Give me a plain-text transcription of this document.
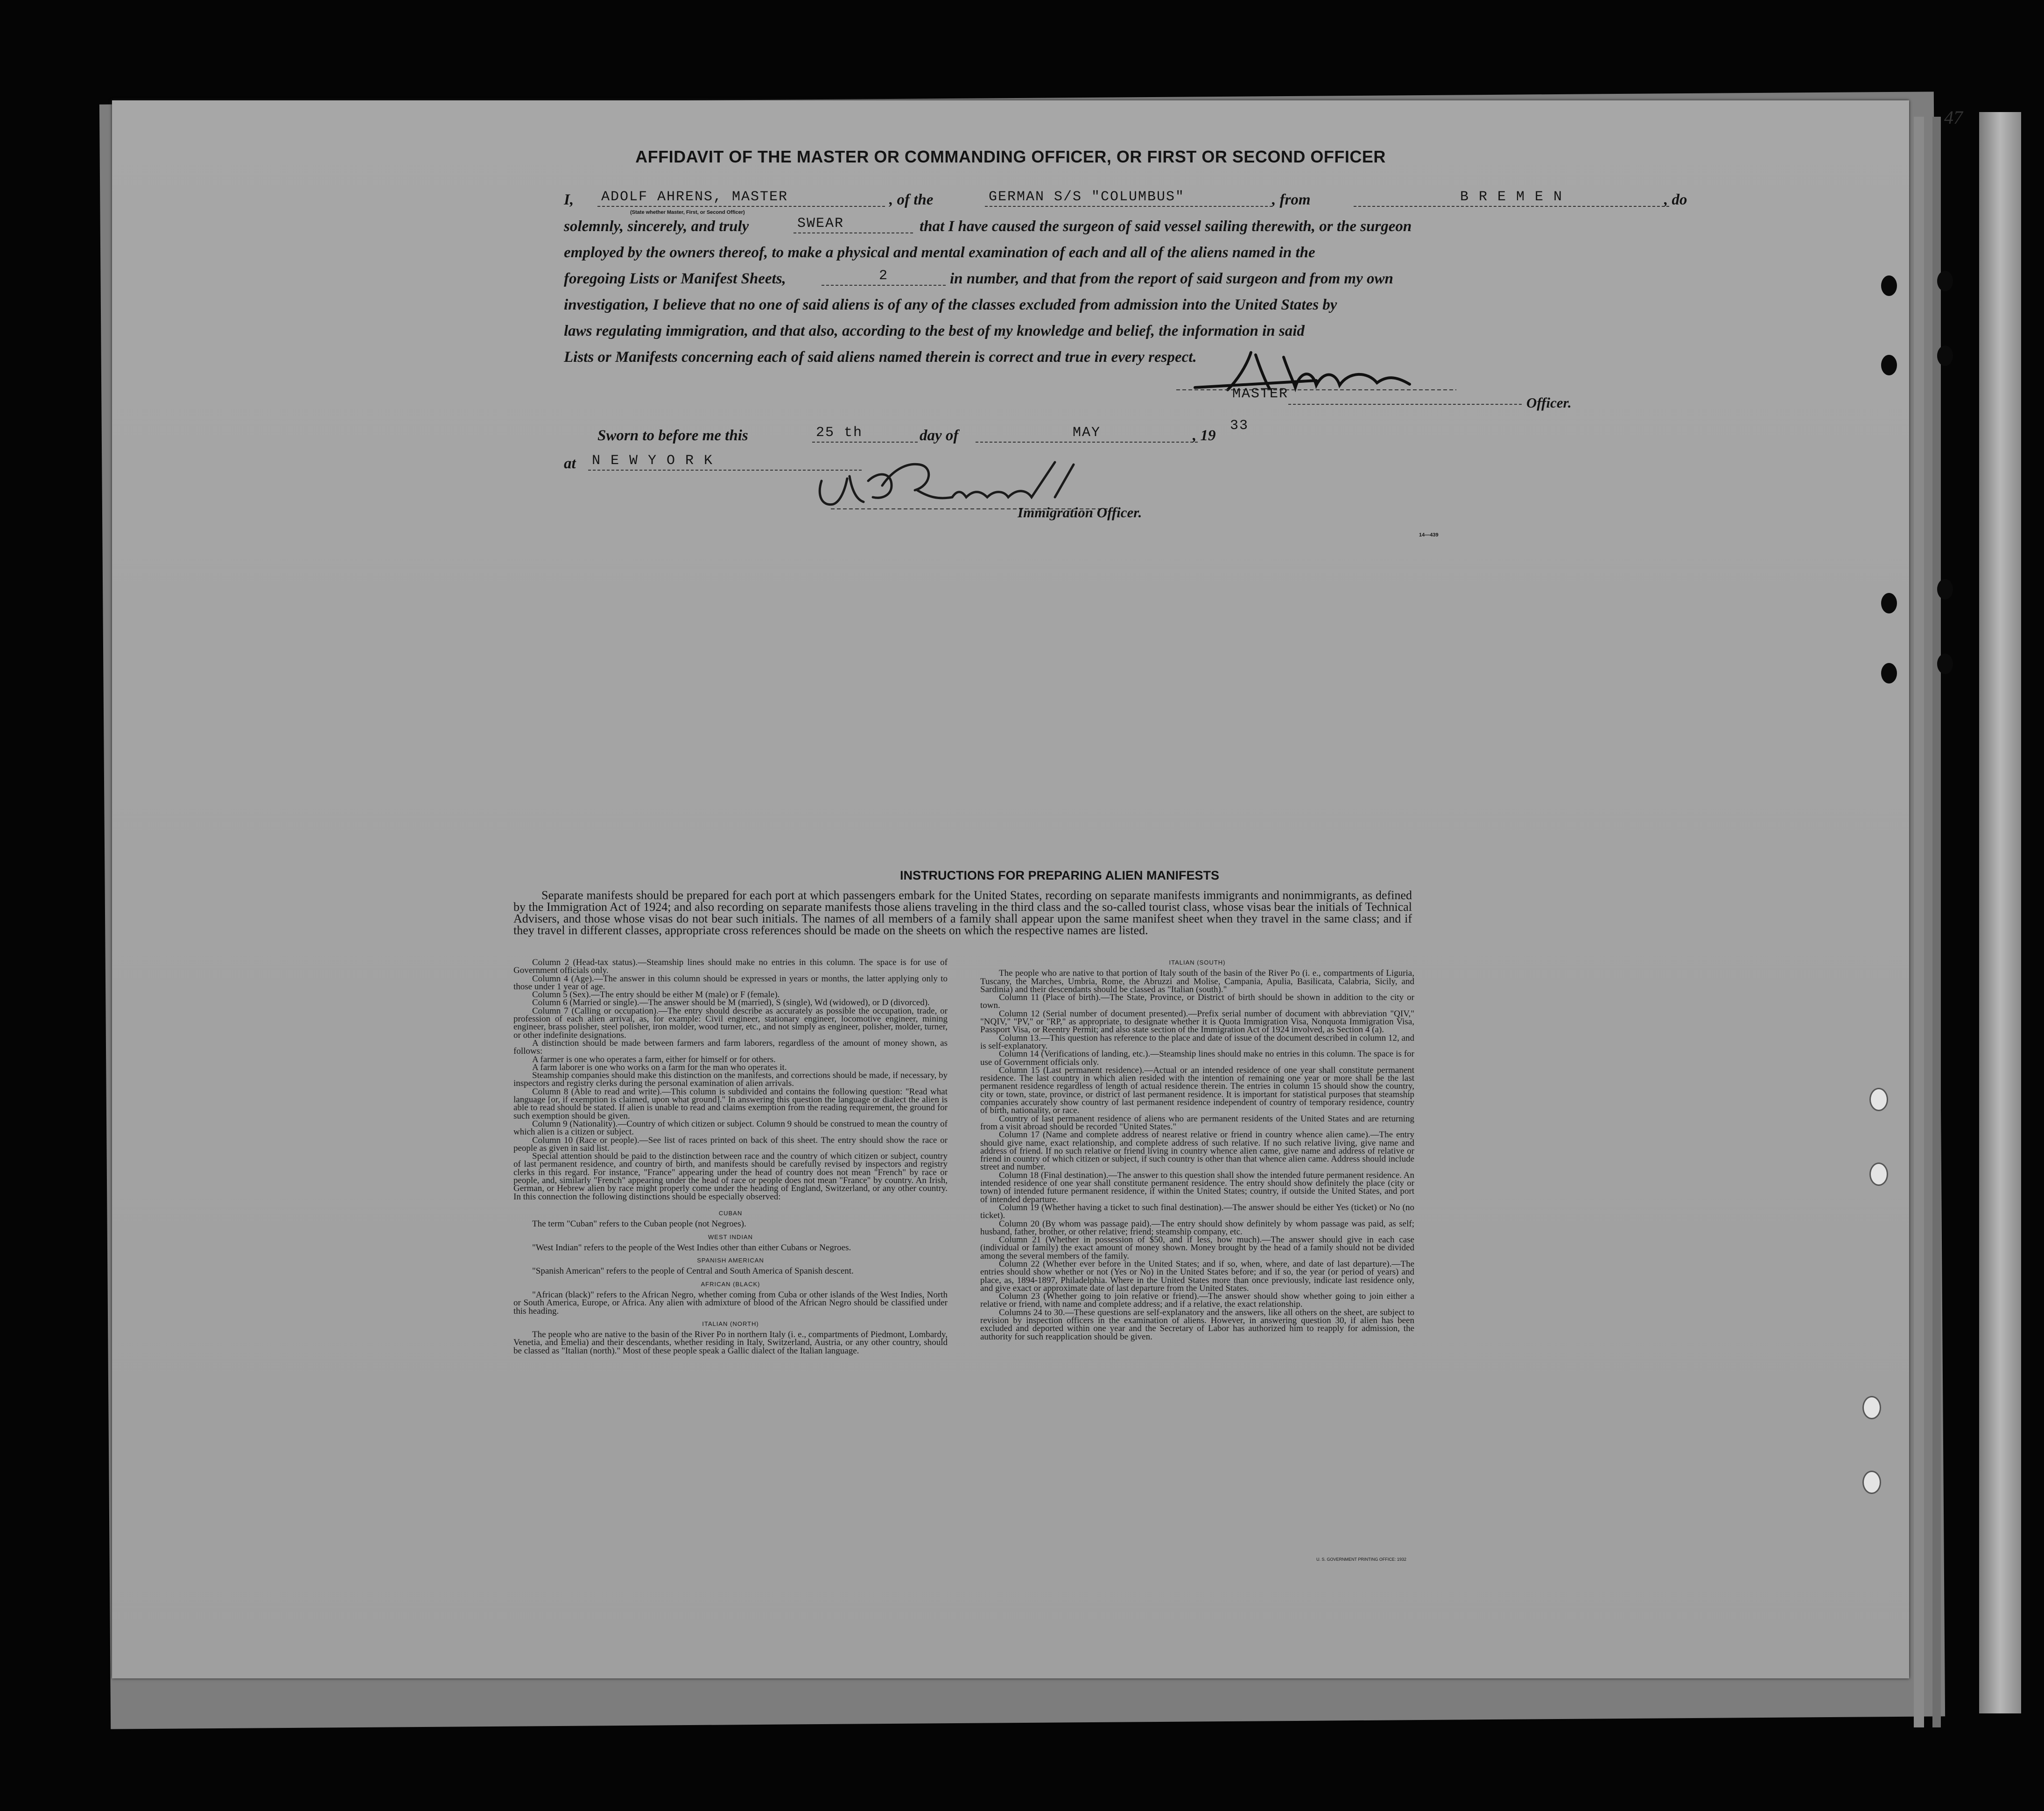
47
AFFIDAVIT OF THE MASTER OR COMMANDING OFFICER, OR FIRST OR SECOND OFFICER
I, ADOLF AHRENS, MASTER
(State whether Master, First, or Second Officer)
, of the	GERMAN S/S "COLUMBUS"	, from	B R E M E N	, do
solemnly, sincerely, and truly	SWEAR	that I have caused the surgeon of said vessel sailing therewith, or the surgeon
employed by the owners thereof, to make a physical and mental examination of each and all of the aliens named in the
foregoing Lists or Manifest Sheets,	2	in number, and that from the report of said surgeon and from my own
investigation, I believe that no one of said aliens is of any of the classes excluded from admission into the United States by
laws regulating immigration, and that also, according to the best of my knowledge and belief, the information in said
Lists or Manifests concerning each of said aliens named therein is correct and true in every respect.
MASTER
Officer.
Sworn to before me this	25 th	day of	MAY	, 19
33
at N E W Y O R K
Immigration Officer.
14—439
INSTRUCTIONS FOR PREPARING ALIEN MANIFESTS
Separate manifests should be prepared for each port at which passengers embark for the United States, recording on separate manifests immigrants and nonimmigrants, as defined by the Immigration Act of 1924; and also recording on separate manifests those aliens traveling in the third class and the so-called tourist class, whose visas bear the initials of Technical Advisers, and those whose visas do not bear such initials. The names of all members of a family shall appear upon the same manifest sheet when they travel in the same class; and if they travel in different classes, appropriate cross references should be made on the sheets on which the respective names are listed.

Column 2 (Head-tax status).—Steamship lines should make no entries in this column. The space is for use of Government officials only.

Column 4 (Age).—The answer in this column should be expressed in years or months, the latter applying only to those under 1 year of age.

Column 5 (Sex).—The entry should be either M (male) or F (female).

Column 6 (Married or single).—The answer should be M (married), S (single), Wd (widowed), or D (divorced).

Column 7 (Calling or occupation).—The entry should describe as accurately as possible the occupation, trade, or profession of each alien arrival, as, for example: Civil engineer, stationary engineer, locomotive engineer, mining engineer, brass polisher, steel polisher, iron molder, wood turner, etc., and not simply as engineer, polisher, molder, turner, or other indefinite designations.

A distinction should be made between farmers and farm laborers, regardless of the amount of money shown, as follows:

A farmer is one who operates a farm, either for himself or for others.

A farm laborer is one who works on a farm for the man who operates it.

Steamship companies should make this distinction on the manifests, and corrections should be made, if necessary, by inspectors and registry clerks during the personal examination of alien arrivals.

Column 8 (Able to read and write).—This column is subdivided and contains the following question: "Read what language [or, if exemption is claimed, upon what ground]." In answering this question the language or dialect the alien is able to read should be stated. If alien is unable to read and claims exemption from the reading requirement, the ground for such exemption should be given.

Column 9 (Nationality).—Country of which citizen or subject. Column 9 should be construed to mean the country of which alien is a citizen or subject.

Column 10 (Race or people).—See list of races printed on back of this sheet. The entry should show the race or people as given in said list.

Special attention should be paid to the distinction between race and the country of which citizen or subject, country of last permanent residence, and country of birth, and manifests should be carefully revised by inspectors and registry clerks in this regard. For instance, "France" appearing under the head of country does not mean "French" by race or people, and, similarly "French" appearing under the head of race or people does not mean "France" by country. An Irish, German, or Hebrew alien by race might properly come under the heading of England, Switzerland, or any other country. In this connection the following distinctions should be especially observed:

CUBAN

The term "Cuban" refers to the Cuban people (not Negroes).

WEST INDIAN

"West Indian" refers to the people of the West Indies other than either Cubans or Negroes.

SPANISH AMERICAN

"Spanish American" refers to the people of Central and South America of Spanish descent.

AFRICAN (BLACK)

"African (black)" refers to the African Negro, whether coming from Cuba or other islands of the West Indies, North or South America, Europe, or Africa. Any alien with admixture of blood of the African Negro should be classified under this heading.

ITALIAN (NORTH)

The people who are native to the basin of the River Po in northern Italy (i. e., compartments of Piedmont, Lombardy, Venetia, and Emelia) and their descendants, whether residing in Italy, Switzerland, Austria, or any other country, should be classed as "Italian (north)." Most of these people speak a Gallic dialect of the Italian language.

ITALIAN (SOUTH)

The people who are native to that portion of Italy south of the basin of the River Po (i. e., compartments of Liguria, Tuscany, the Marches, Umbria, Rome, the Abruzzi and Molise, Campania, Apulia, Basilicata, Calabria, Sicily, and Sardinia) and their descendants should be classed as "Italian (south)."

Column 11 (Place of birth).—The State, Province, or District of birth should be shown in addition to the city or town.

Column 12 (Serial number of document presented).—Prefix serial number of document with abbreviation "QIV," "NQIV," "PV," or "RP," as appropriate, to designate whether it is Quota Immigration Visa, Nonquota Immigration Visa, Passport Visa, or Reentry Permit; and also state section of the Immigration Act of 1924 involved, as Section 4 (a).

Column 13.—This question has reference to the place and date of issue of the document described in column 12, and is self-explanatory.

Column 14 (Verifications of landing, etc.).—Steamship lines should make no entries in this column. The space is for use of Government officials only.

Column 15 (Last permanent residence).—Actual or an intended residence of one year shall constitute permanent residence. The last country in which alien resided with the intention of remaining one year or more shall be the last permanent residence regardless of length of actual residence therein. The entries in column 15 should show the country, city or town, state, province, or district of last permanent residence. It is important for statistical purposes that steamship companies accurately show country of last permanent residence independent of country of temporary residence, country of birth, nationality, or race.

Country of last permanent residence of aliens who are permanent residents of the United States and are returning from a visit abroad should be recorded "United States."

Column 17 (Name and complete address of nearest relative or friend in country whence alien came).—The entry should give name, exact relationship, and complete address of such relative. If no such relative living, give name and address of friend. If no such relative or friend living in country whence alien came, give name and address of relative or friend in country of which citizen or subject, if such country is other than that whence alien came. Address should include street and number.

Column 18 (Final destination).—The answer to this question shall show the intended future permanent residence. An intended residence of one year shall constitute permanent residence. The entry should show definitely the place (city or town) of intended future permanent residence, if within the United States; country, if outside the United States, and port of intended departure.

Column 19 (Whether having a ticket to such final destination).—The answer should be either Yes (ticket) or No (no ticket).

Column 20 (By whom was passage paid).—The entry should show definitely by whom passage was paid, as self; husband, father, brother, or other relative; friend; steamship company, etc.

Column 21 (Whether in possession of $50, and if less, how much).—The answer should give in each case (individual or family) the exact amount of money shown. Money brought by the head of a family should not be divided among the several members of the family.

Column 22 (Whether ever before in the United States; and if so, when, where, and date of last departure).—The entries should show whether or not (Yes or No) in the United States before; and if so, the year (or period of years) and place, as, 1894-1897, Philadelphia. Where in the United States more than once previously, indicate last residence only, and give exact or approximate date of last departure from the United States.

Column 23 (Whether going to join relative or friend).—The answer should show whether going to join either a relative or friend, with name and complete address; and if a relative, the exact relationship.

Columns 24 to 30.—These questions are self-explanatory and the answers, like all others on the sheet, are subject to revision by inspection officers in the examination of aliens. However, in answering question 30, if alien has been excluded and deported within one year and the Secretary of Labor has authorized him to reapply for admission, the authority for such reapplication should be given.

U. S. GOVERNMENT PRINTING OFFICE: 1932
